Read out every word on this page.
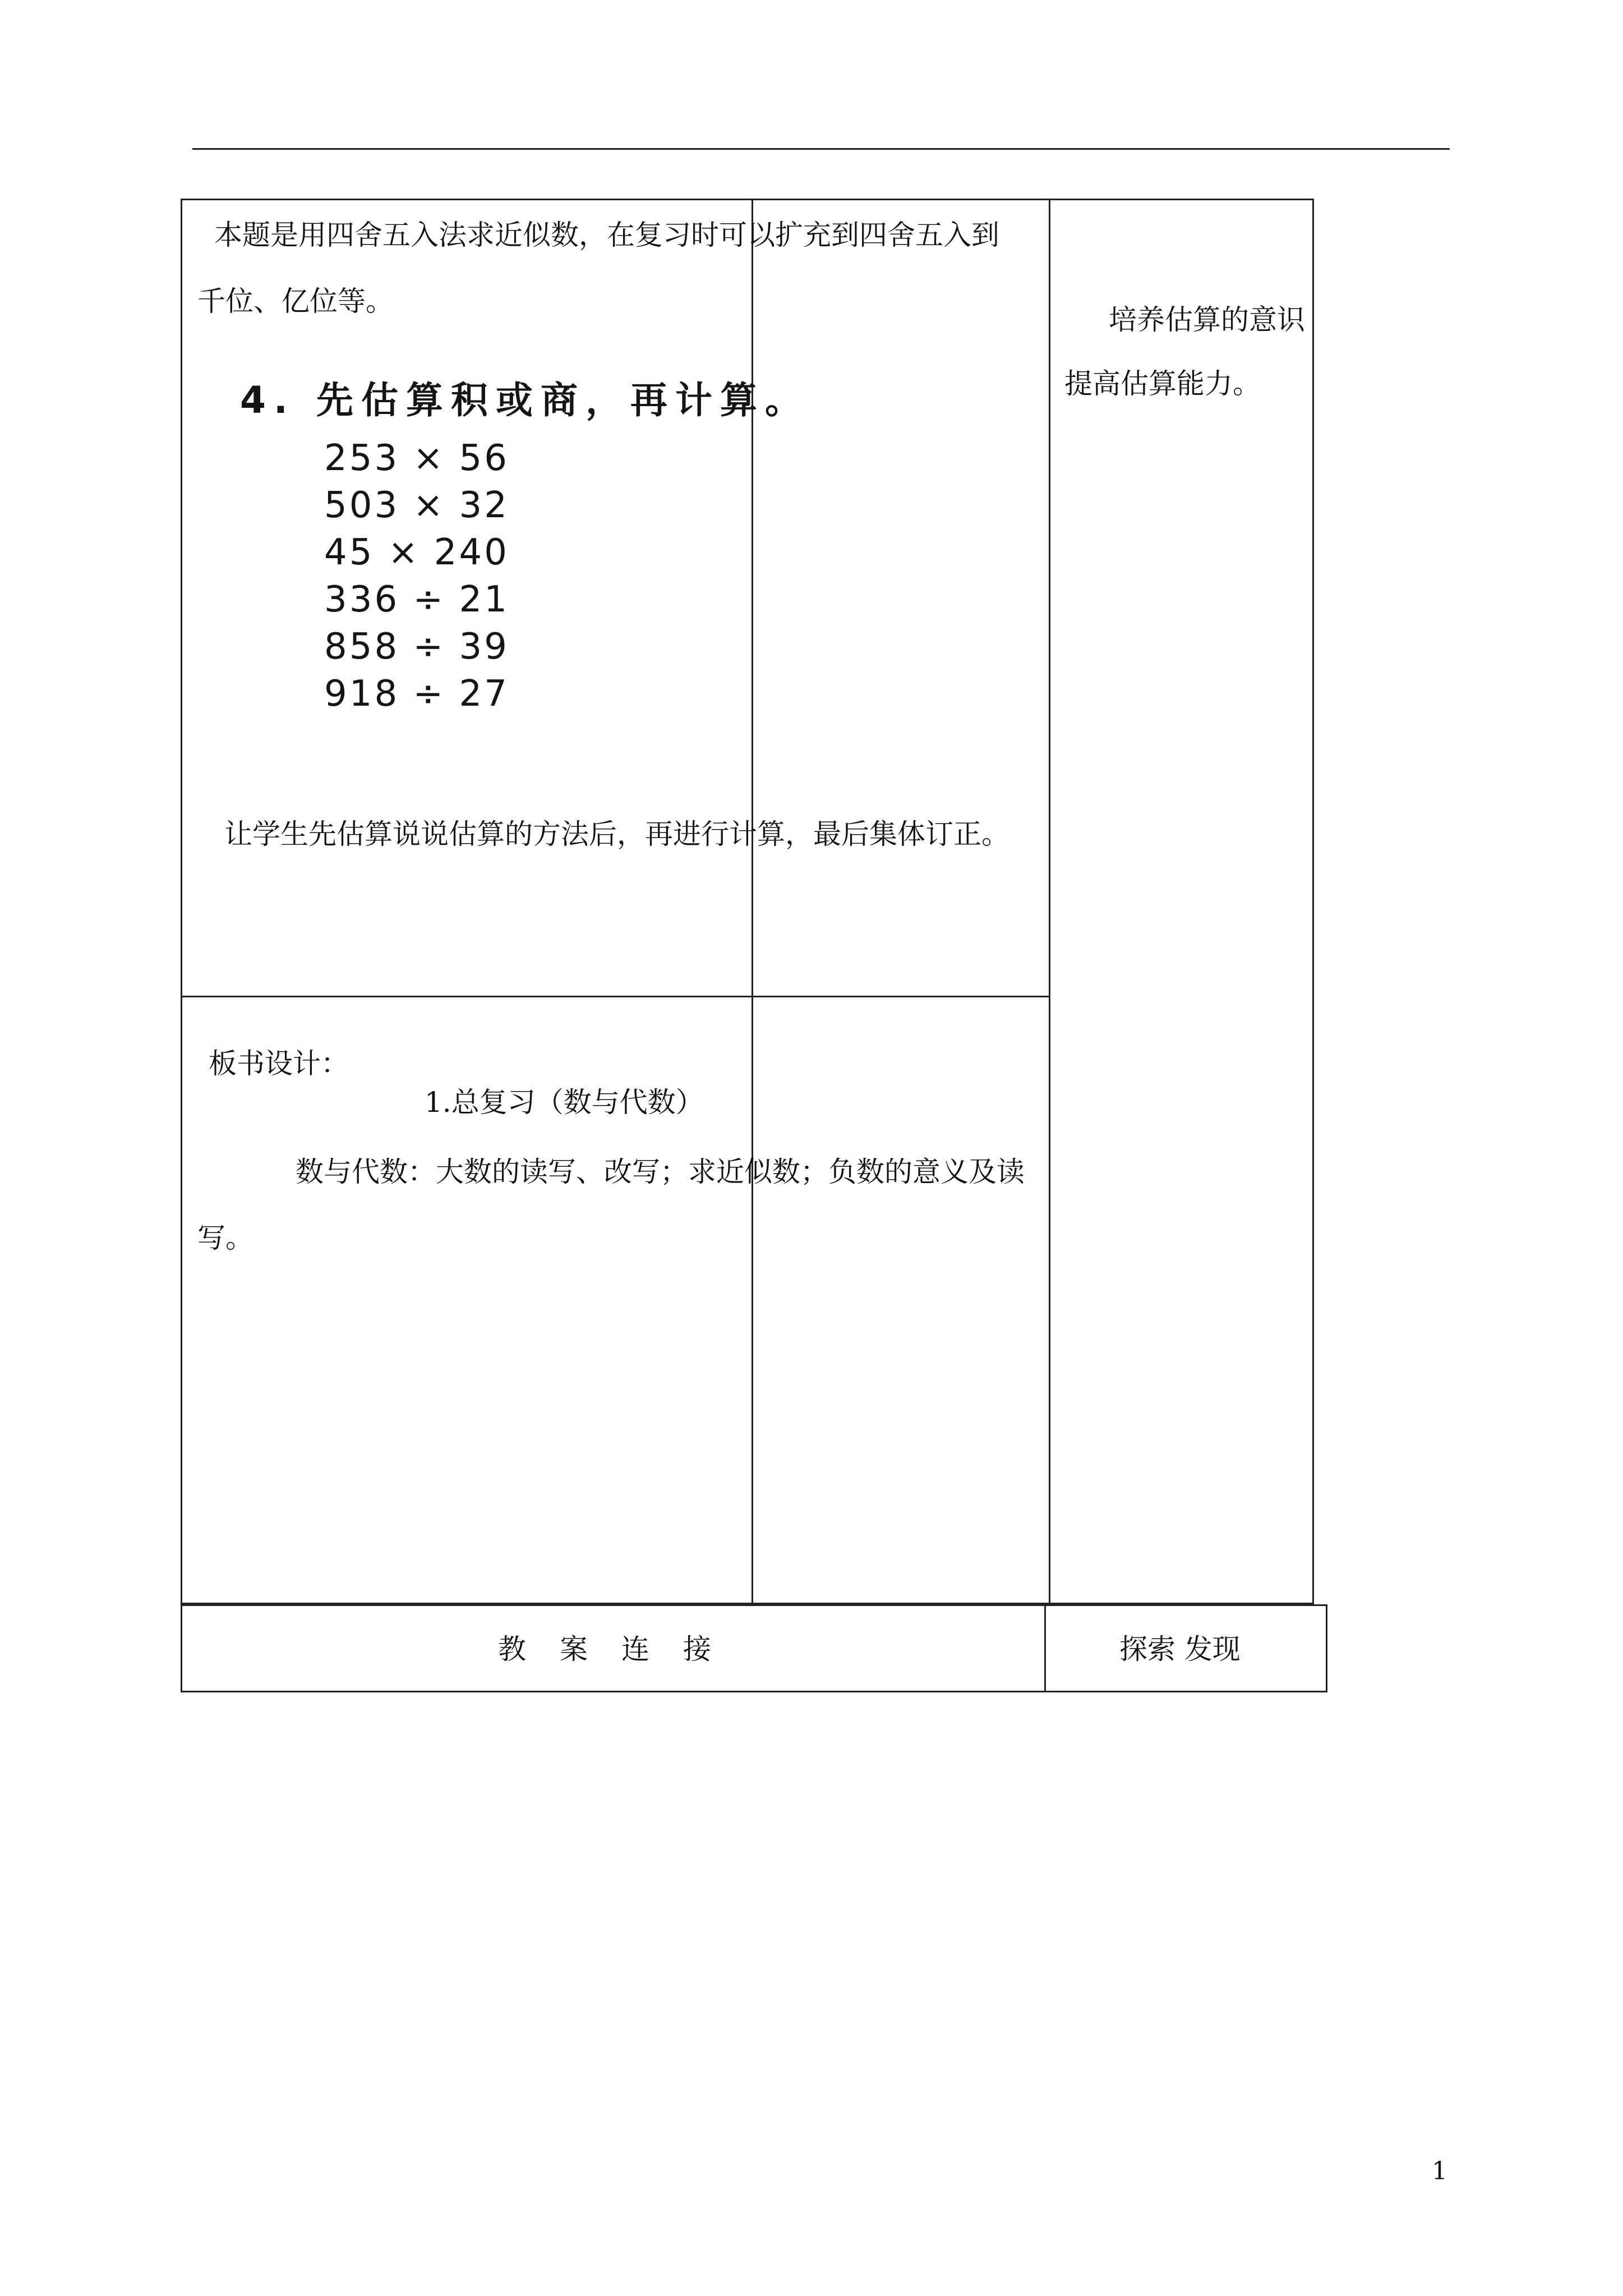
本题是用四舍五入法求近似数，在复习时可以扩充到四舍五入到千位、亿位等。
4. 先估算积或商，再计算。
253 × 56
503 × 32
45 × 240
336 ÷ 21
858 ÷ 39
918 ÷ 27
让学生先估算说说估算的方法后，再进行计算，最后集体订正。
培养估算的意识
提高估算能力。
板书设计：
1.总复习（数与代数）
数与代数：大数的读写、改写；求近似数；负数的意义及读写。
教案连接	探索 发现
1
